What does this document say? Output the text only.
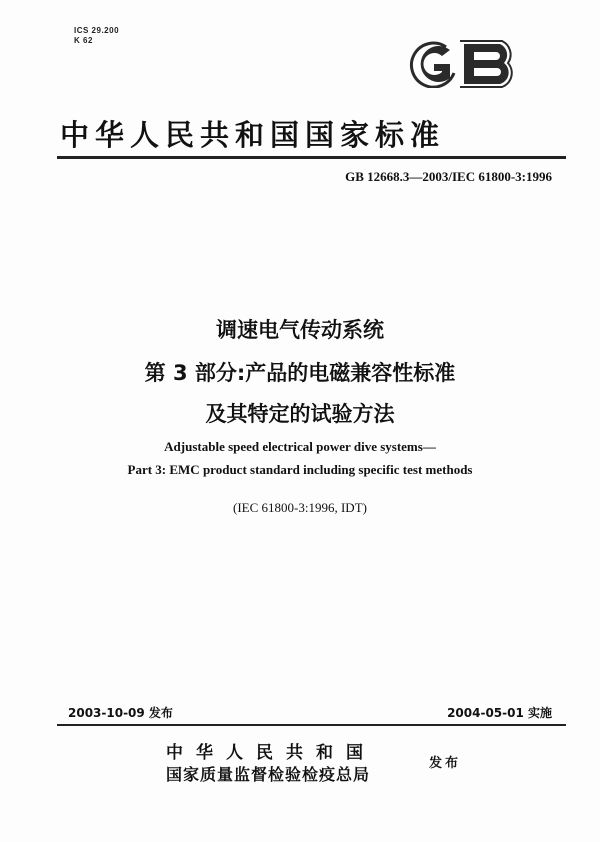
ICS 29.200
K 62
中华人民共和国国家标准
GB 12668.3—2003/IEC 61800-3:1996
调速电气传动系统
第 3 部分:产品的电磁兼容性标准
及其特定的试验方法
Adjustable speed electrical power dive systems—
Part 3: EMC product standard including specific test methods
(IEC 61800-3:1996, IDT)
2003-10-09 发布	2004-05-01 实施
中华人民共和国
国家质量监督检验检疫总局
发布
